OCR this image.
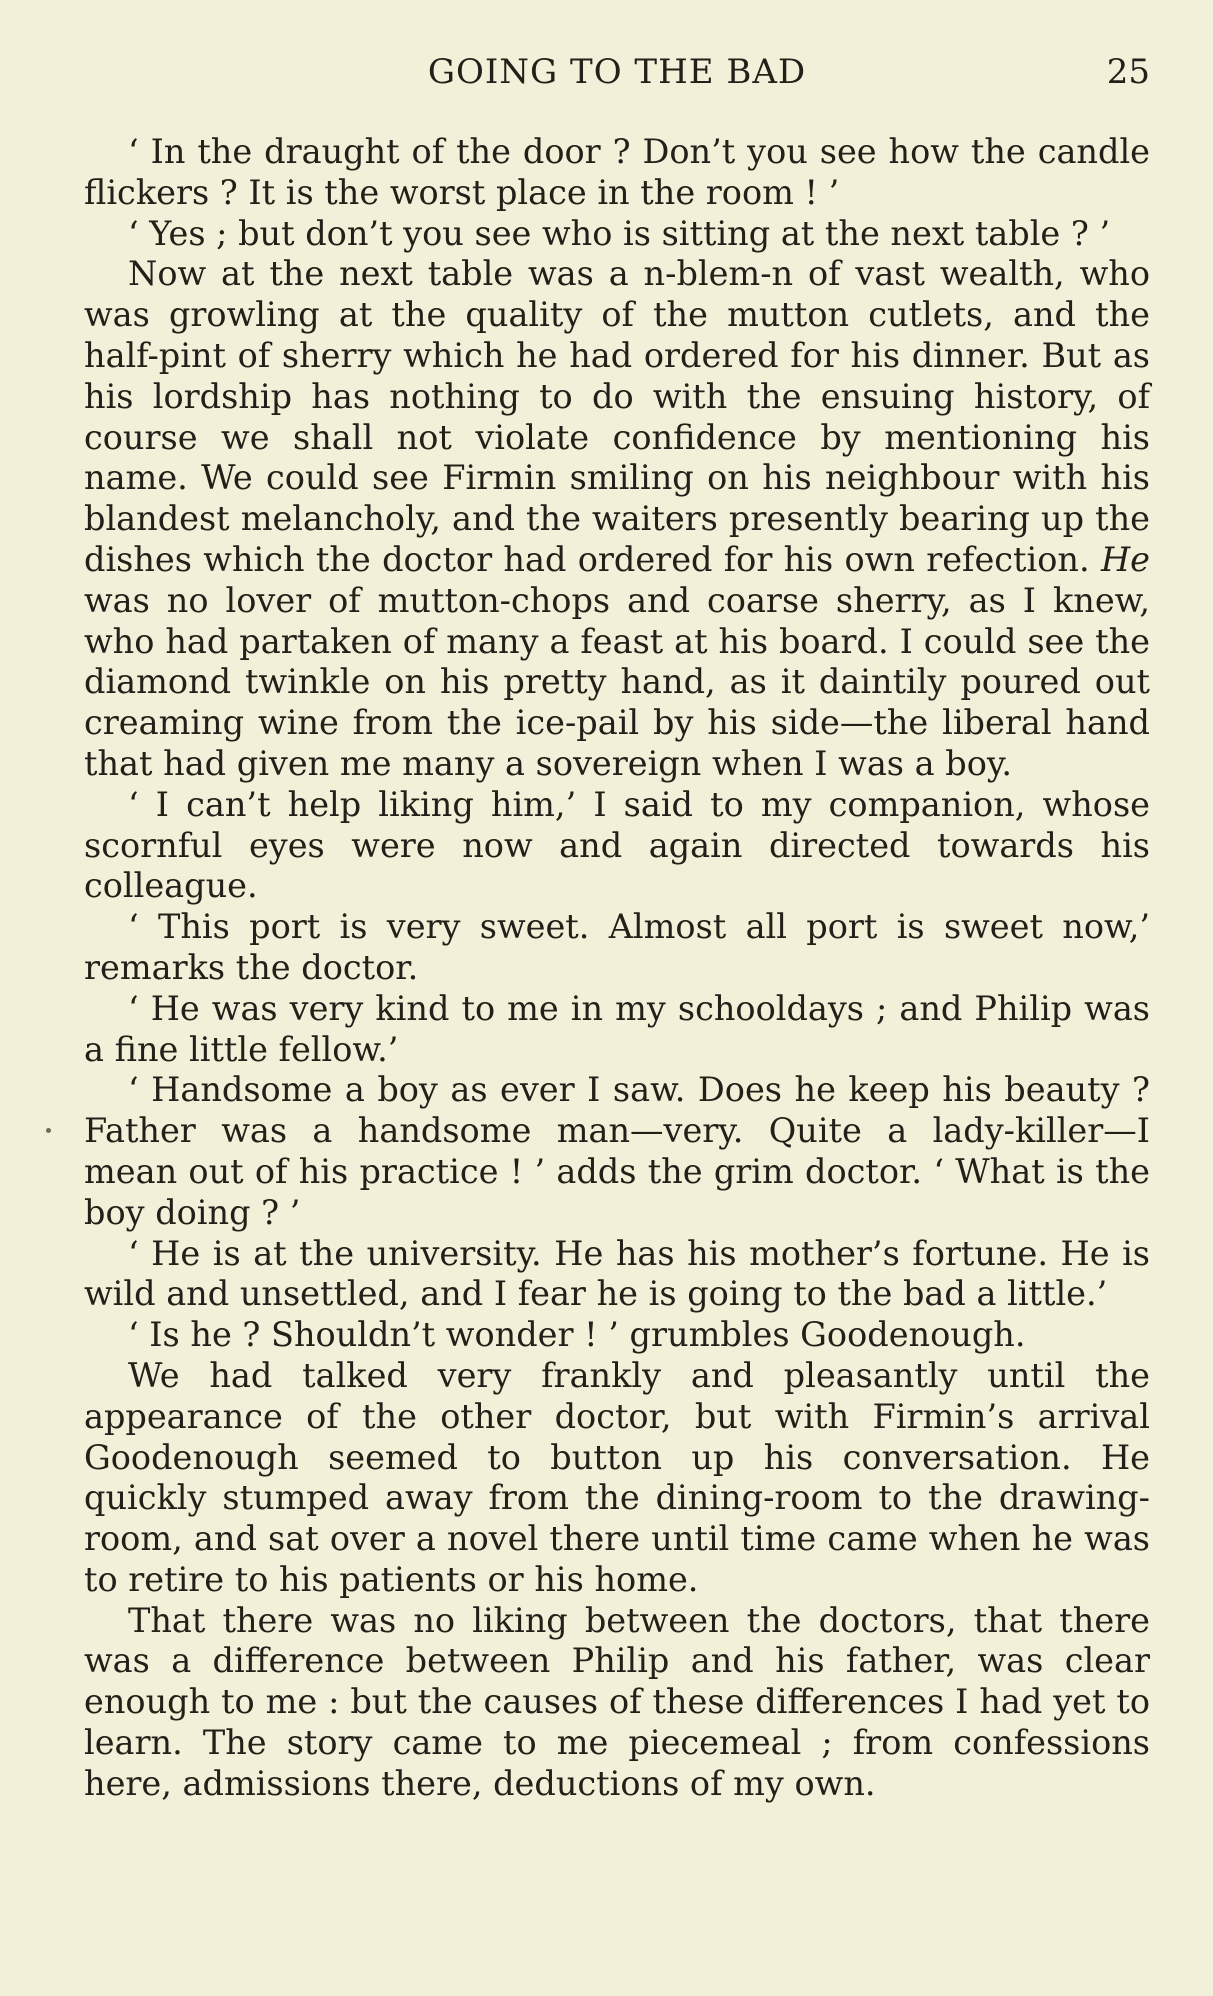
GOING TO THE BAD	25

‘ In the draught of the door ? Don’t you see how the candle flickers ? It is the worst place in the room ! ’

‘ Yes ; but don’t you see who is sitting at the next table ? ’

Now at the next table was a n-blem-n of vast wealth, who was growling at the quality of the mutton cutlets, and the half-pint of sherry which he had ordered for his dinner. But as his lordship has nothing to do with the ensuing history, of course we shall not violate confidence by mentioning his name. We could see Firmin smiling on his neighbour with his blandest melancholy, and the waiters presently bearing up the dishes which the doctor had ordered for his own refection. He was no lover of mutton-chops and coarse sherry, as I knew, who had partaken of many a feast at his board. I could see the diamond twinkle on his pretty hand, as it daintily poured out creaming wine from the ice-pail by his side—the liberal hand that had given me many a sovereign when I was a boy.

‘ I can’t help liking him,’ I said to my companion, whose scornful eyes were now and again directed towards his colleague.

‘ This port is very sweet. Almost all port is sweet now,’ remarks the doctor.

‘ He was very kind to me in my schooldays ; and Philip was a fine little fellow.’

‘ Handsome a boy as ever I saw. Does he keep his beauty ? Father was a handsome man—very. Quite a lady-killer—I mean out of his practice ! ’ adds the grim doctor. ‘ What is the boy doing ? ’

‘ He is at the university. He has his mother’s fortune. He is wild and unsettled, and I fear he is going to the bad a little.’

‘ Is he ? Shouldn’t wonder ! ’ grumbles Goodenough.

We had talked very frankly and pleasantly until the appearance of the other doctor, but with Firmin’s arrival Goodenough seemed to button up his conversation. He quickly stumped away from the dining-room to the drawing-room, and sat over a novel there until time came when he was to retire to his patients or his home.

That there was no liking between the doctors, that there was a difference between Philip and his father, was clear enough to me : but the causes of these differences I had yet to learn. The story came to me piecemeal ; from confessions here, admissions there, deductions of my own.
